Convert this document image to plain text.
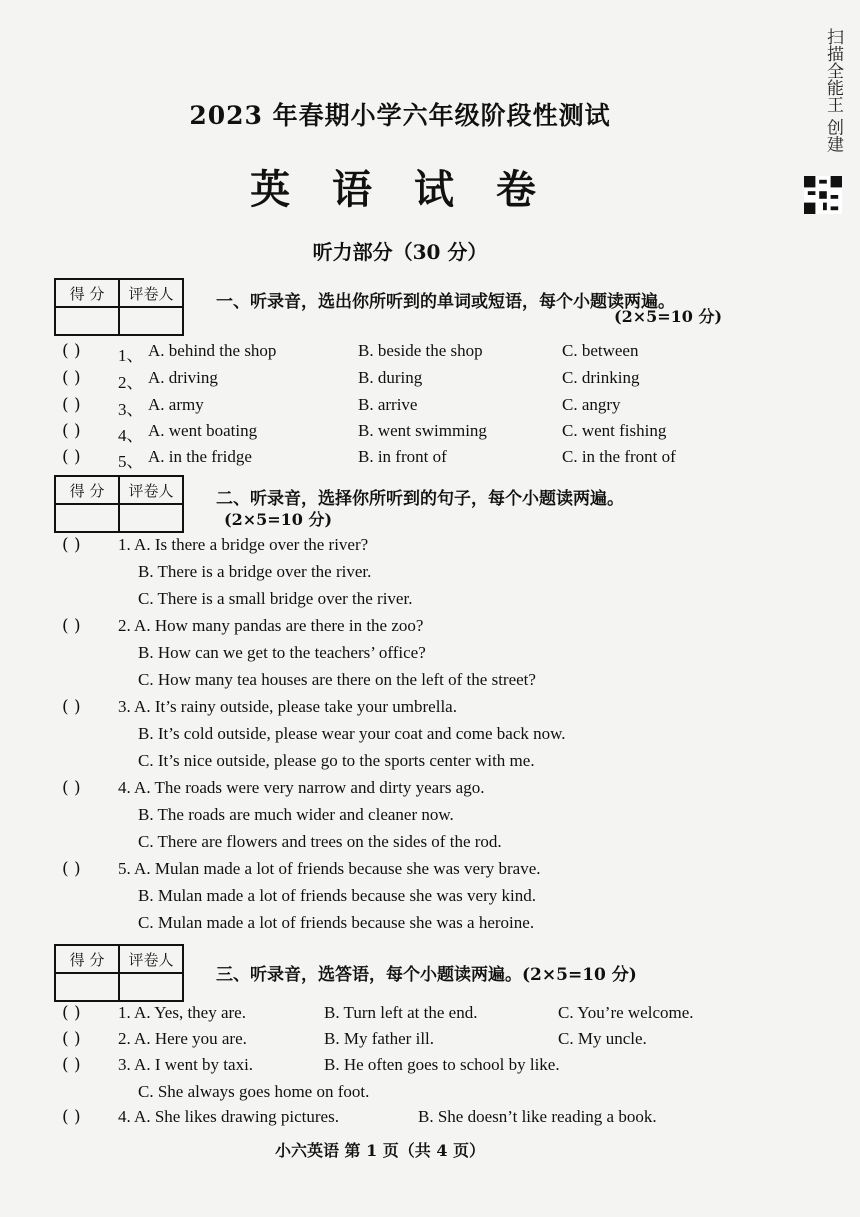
扫描全能王 创建
2023 年春期小学六年级阶段性测试
英 语 试 卷
听力部分（30 分）
得 分	评卷人
		一、听录音，选出你所听到的单词或短语，每个小题读两遍。
(2×5=10 分)
得 分	评卷人
		二、听录音，选择你所听到的句子，每个小题读两遍。
(2×5=10 分)
得 分	评卷人

三、听录音，选答语，每个小题读两遍。(2×5=10 分)
小六英语 第 1 页（共 4 页）
( ) 1、 A. behind the shop	B. beside the shop	C. between
( ) 2、 A. driving	B. during	C. drinking
( ) 3、 A. army	B. arrive	C. angry
( ) 4、 A. went boating	B. went swimming	C. went fishing
( ) 5、 A. in the fridge	B. in front of	C. in the front of
( ) 1. A. Is there a bridge over the river?
B. There is a bridge over the river.
C. There is a small bridge over the river.
( ) 2. A. How many pandas are there in the zoo?
B. How can we get to the teachers’ office?
C. How many tea houses are there on the left of the street?
( ) 3. A. It’s rainy outside, please take your umbrella.
B. It’s cold outside, please wear your coat and come back now.
C. It’s nice outside, please go to the sports center with me.
( ) 4. A. The roads were very narrow and dirty years ago.
B. The roads are much wider and cleaner now.
C. There are flowers and trees on the sides of the rod.
( ) 5. A. Mulan made a lot of friends because she was very brave.
B. Mulan made a lot of friends because she was very kind.
C. Mulan made a lot of friends because she was a heroine.
( ) 1. A. Yes, they are.	B. Turn left at the end.	C. You’re welcome.
( ) 2. A. Here you are.	B. My father ill.	C. My uncle.
( ) 3. A. I went by taxi.	B. He often goes to school by like.
C. She always goes home on foot.
( ) 4. A. She likes drawing pictures.	B. She doesn’t like reading a book.
